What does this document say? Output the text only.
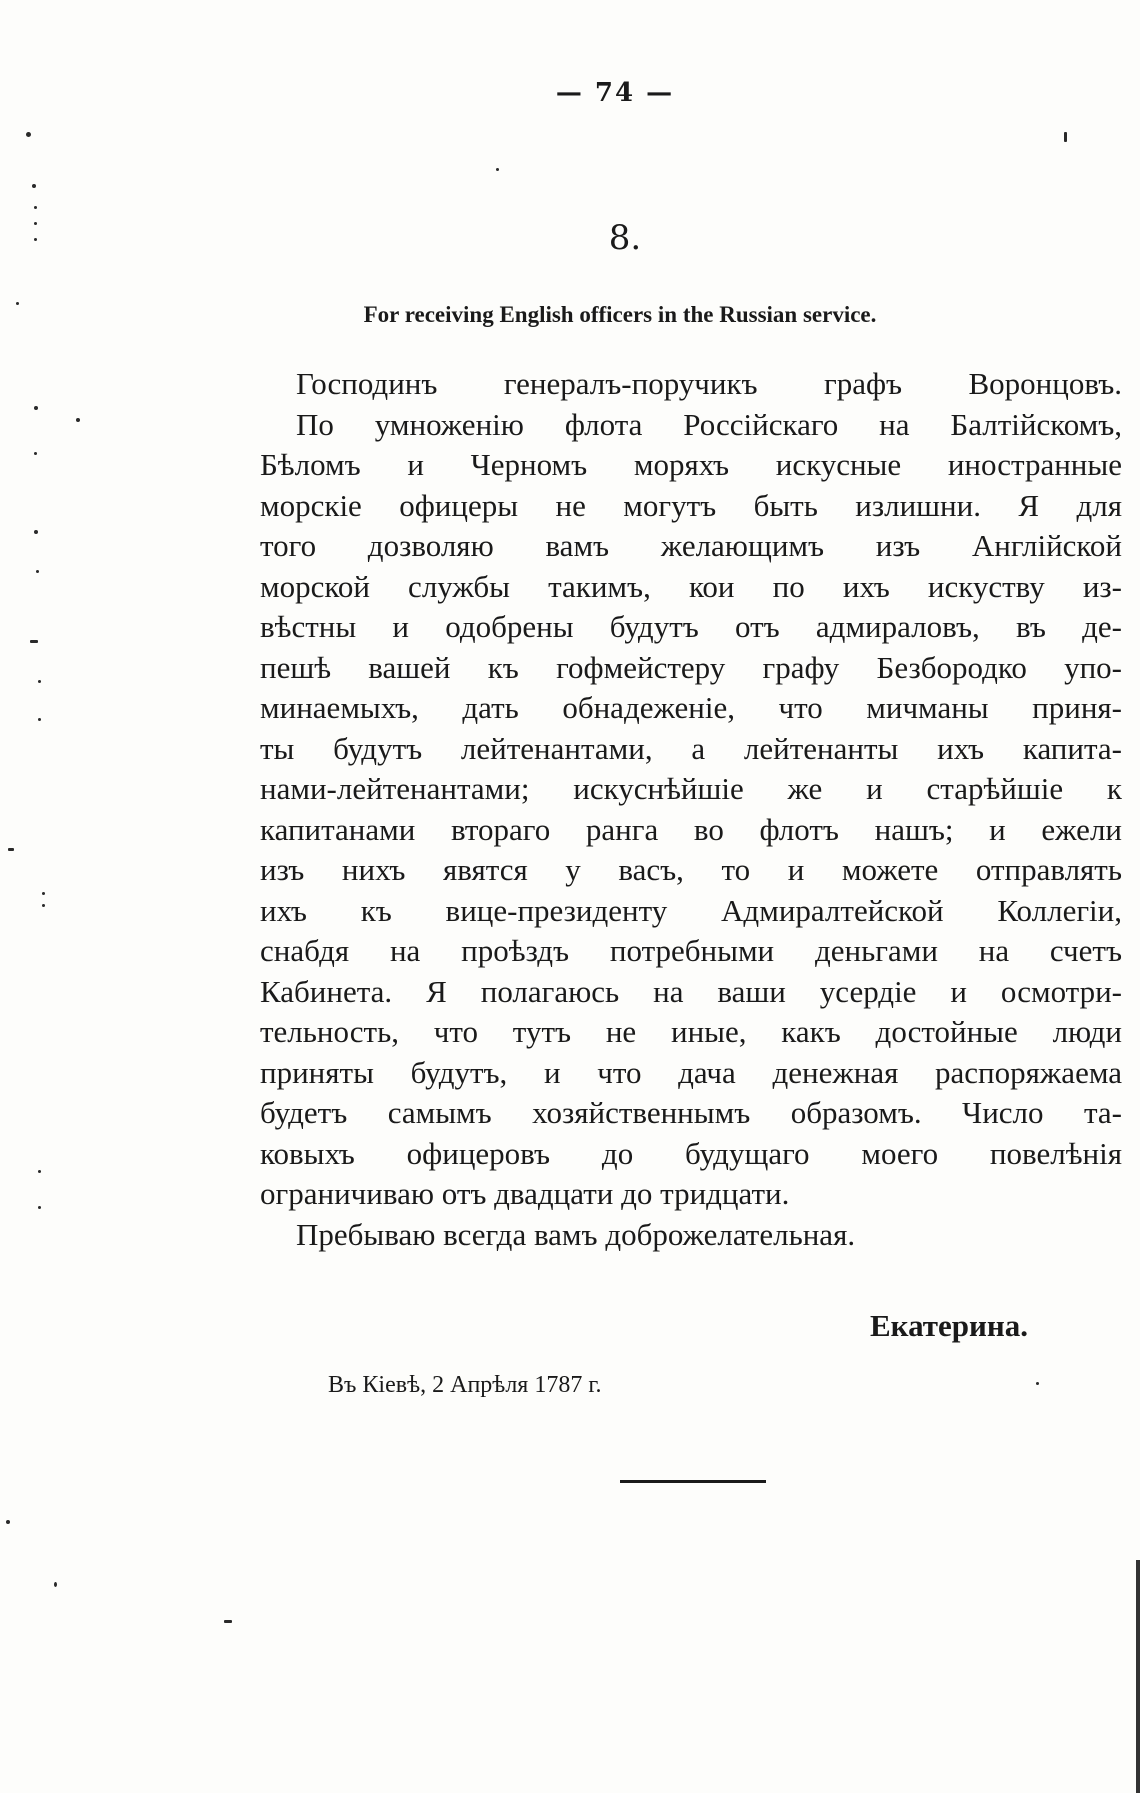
— 74 —
8.
For receiving English officers in the Russian service.
Господинъ генералъ-поручикъ графъ Воронцовъ.
По умноженію флота Россійскаго на Балтійскомъ,
Бѣломъ и Черномъ моряхъ искусные иностранные
морскіе офицеры не могутъ быть излишни. Я для
того дозволяю вамъ желающимъ изъ Англійской
морской службы такимъ, кои по ихъ искуству из-
вѣстны и одобрены будутъ отъ адмираловъ, въ де-
пешѣ вашей къ гофмейстеру графу Безбородко упо-
минаемыхъ, дать обнадеженіе, что мичманы приня-
ты будутъ лейтенантами, а лейтенанты ихъ капита-
нами-лейтенантами; искуснѣйшіе же и старѣйшіе к
капитанами втораго ранга во флотъ нашъ; и ежели
изъ нихъ явятся у васъ, то и можете отправлять
ихъ къ вице-президенту Адмиралтейской Коллегіи,
снабдя на проѣздъ потребными деньгами на счетъ
Кабинета. Я полагаюсь на ваши усердіе и осмотри-
тельность, что тутъ не иные, какъ достойные люди
приняты будутъ, и что дача денежная распоряжаема
будетъ самымъ хозяйственнымъ образомъ. Число та-
ковыхъ офицеровъ до будущаго моего повелѣнія
ограничиваю отъ двадцати до тридцати.
Пребываю всегда вамъ доброжелательная.
Екатерина.
Въ Кіевѣ, 2 Апрѣля 1787 г.
